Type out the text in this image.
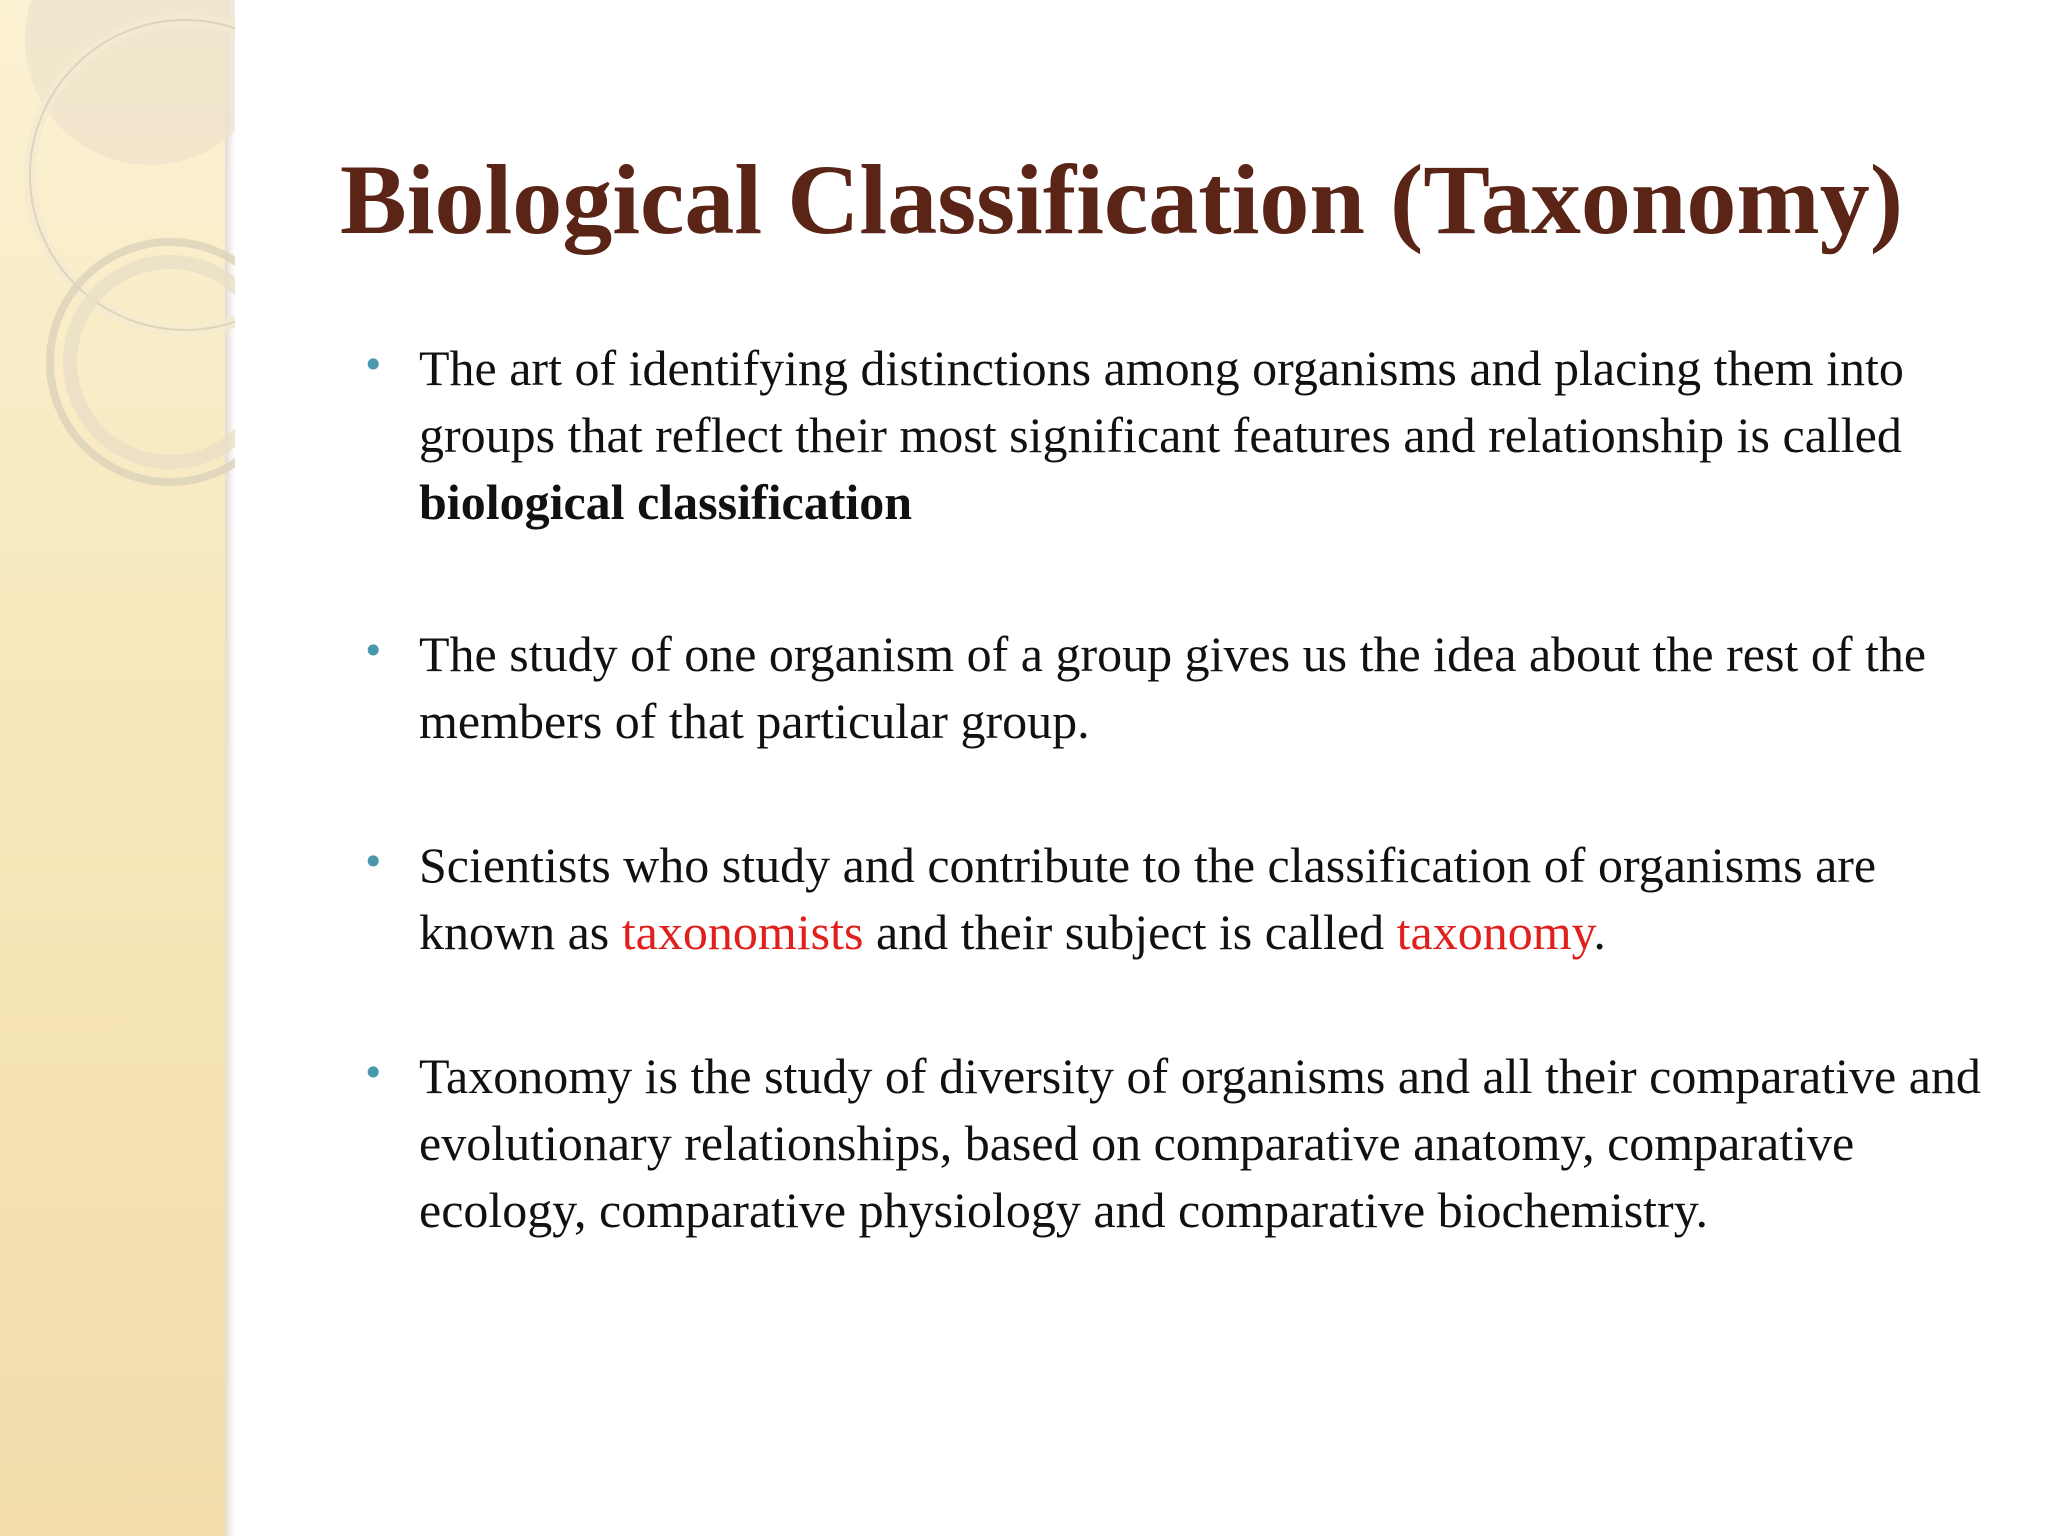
Biological Classification (Taxonomy)
• The art of identifying distinctions among organisms and placing them into groups that reflect their most significant features and relationship is called biological classification
• The study of one organism of a group gives us the idea about the rest of the members of that particular group.
• Scientists who study and contribute to the classification of organisms are known as taxonomists and their subject is called taxonomy.
• Taxonomy is the study of diversity of organisms and all their comparative and evolutionary relationships, based on comparative anatomy, comparative ecology, comparative physiology and comparative biochemistry.
